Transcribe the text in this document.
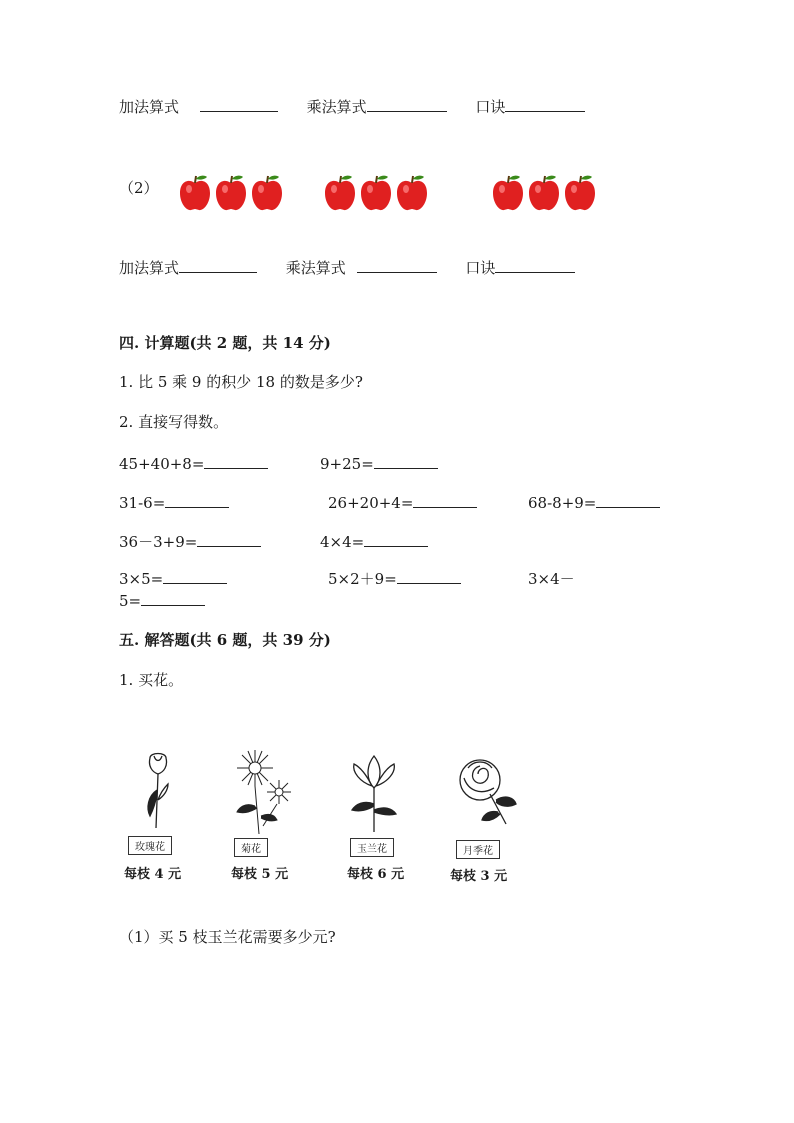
加法算式	乘法算式	口诀
（2）
加法算式	乘法算式	口诀
四. 计算题(共 2 题，共 14 分)
1. 比 5 乘 9 的积少 18 的数是多少?
2. 直接写得数。
45+40+8=	9+25=
31-6=	26+20+4=	68-8+9=
36－3+9=	4×4=
3×5=	5×2＋9=	3×4－
5=
五. 解答题(共 6 题，共 39 分)
1. 买花。
玫瑰花
每枝 4 元
菊花
每枝 5 元
玉兰花
每枝 6 元
月季花
每枝 3 元
（1）买 5 枝玉兰花需要多少元?
